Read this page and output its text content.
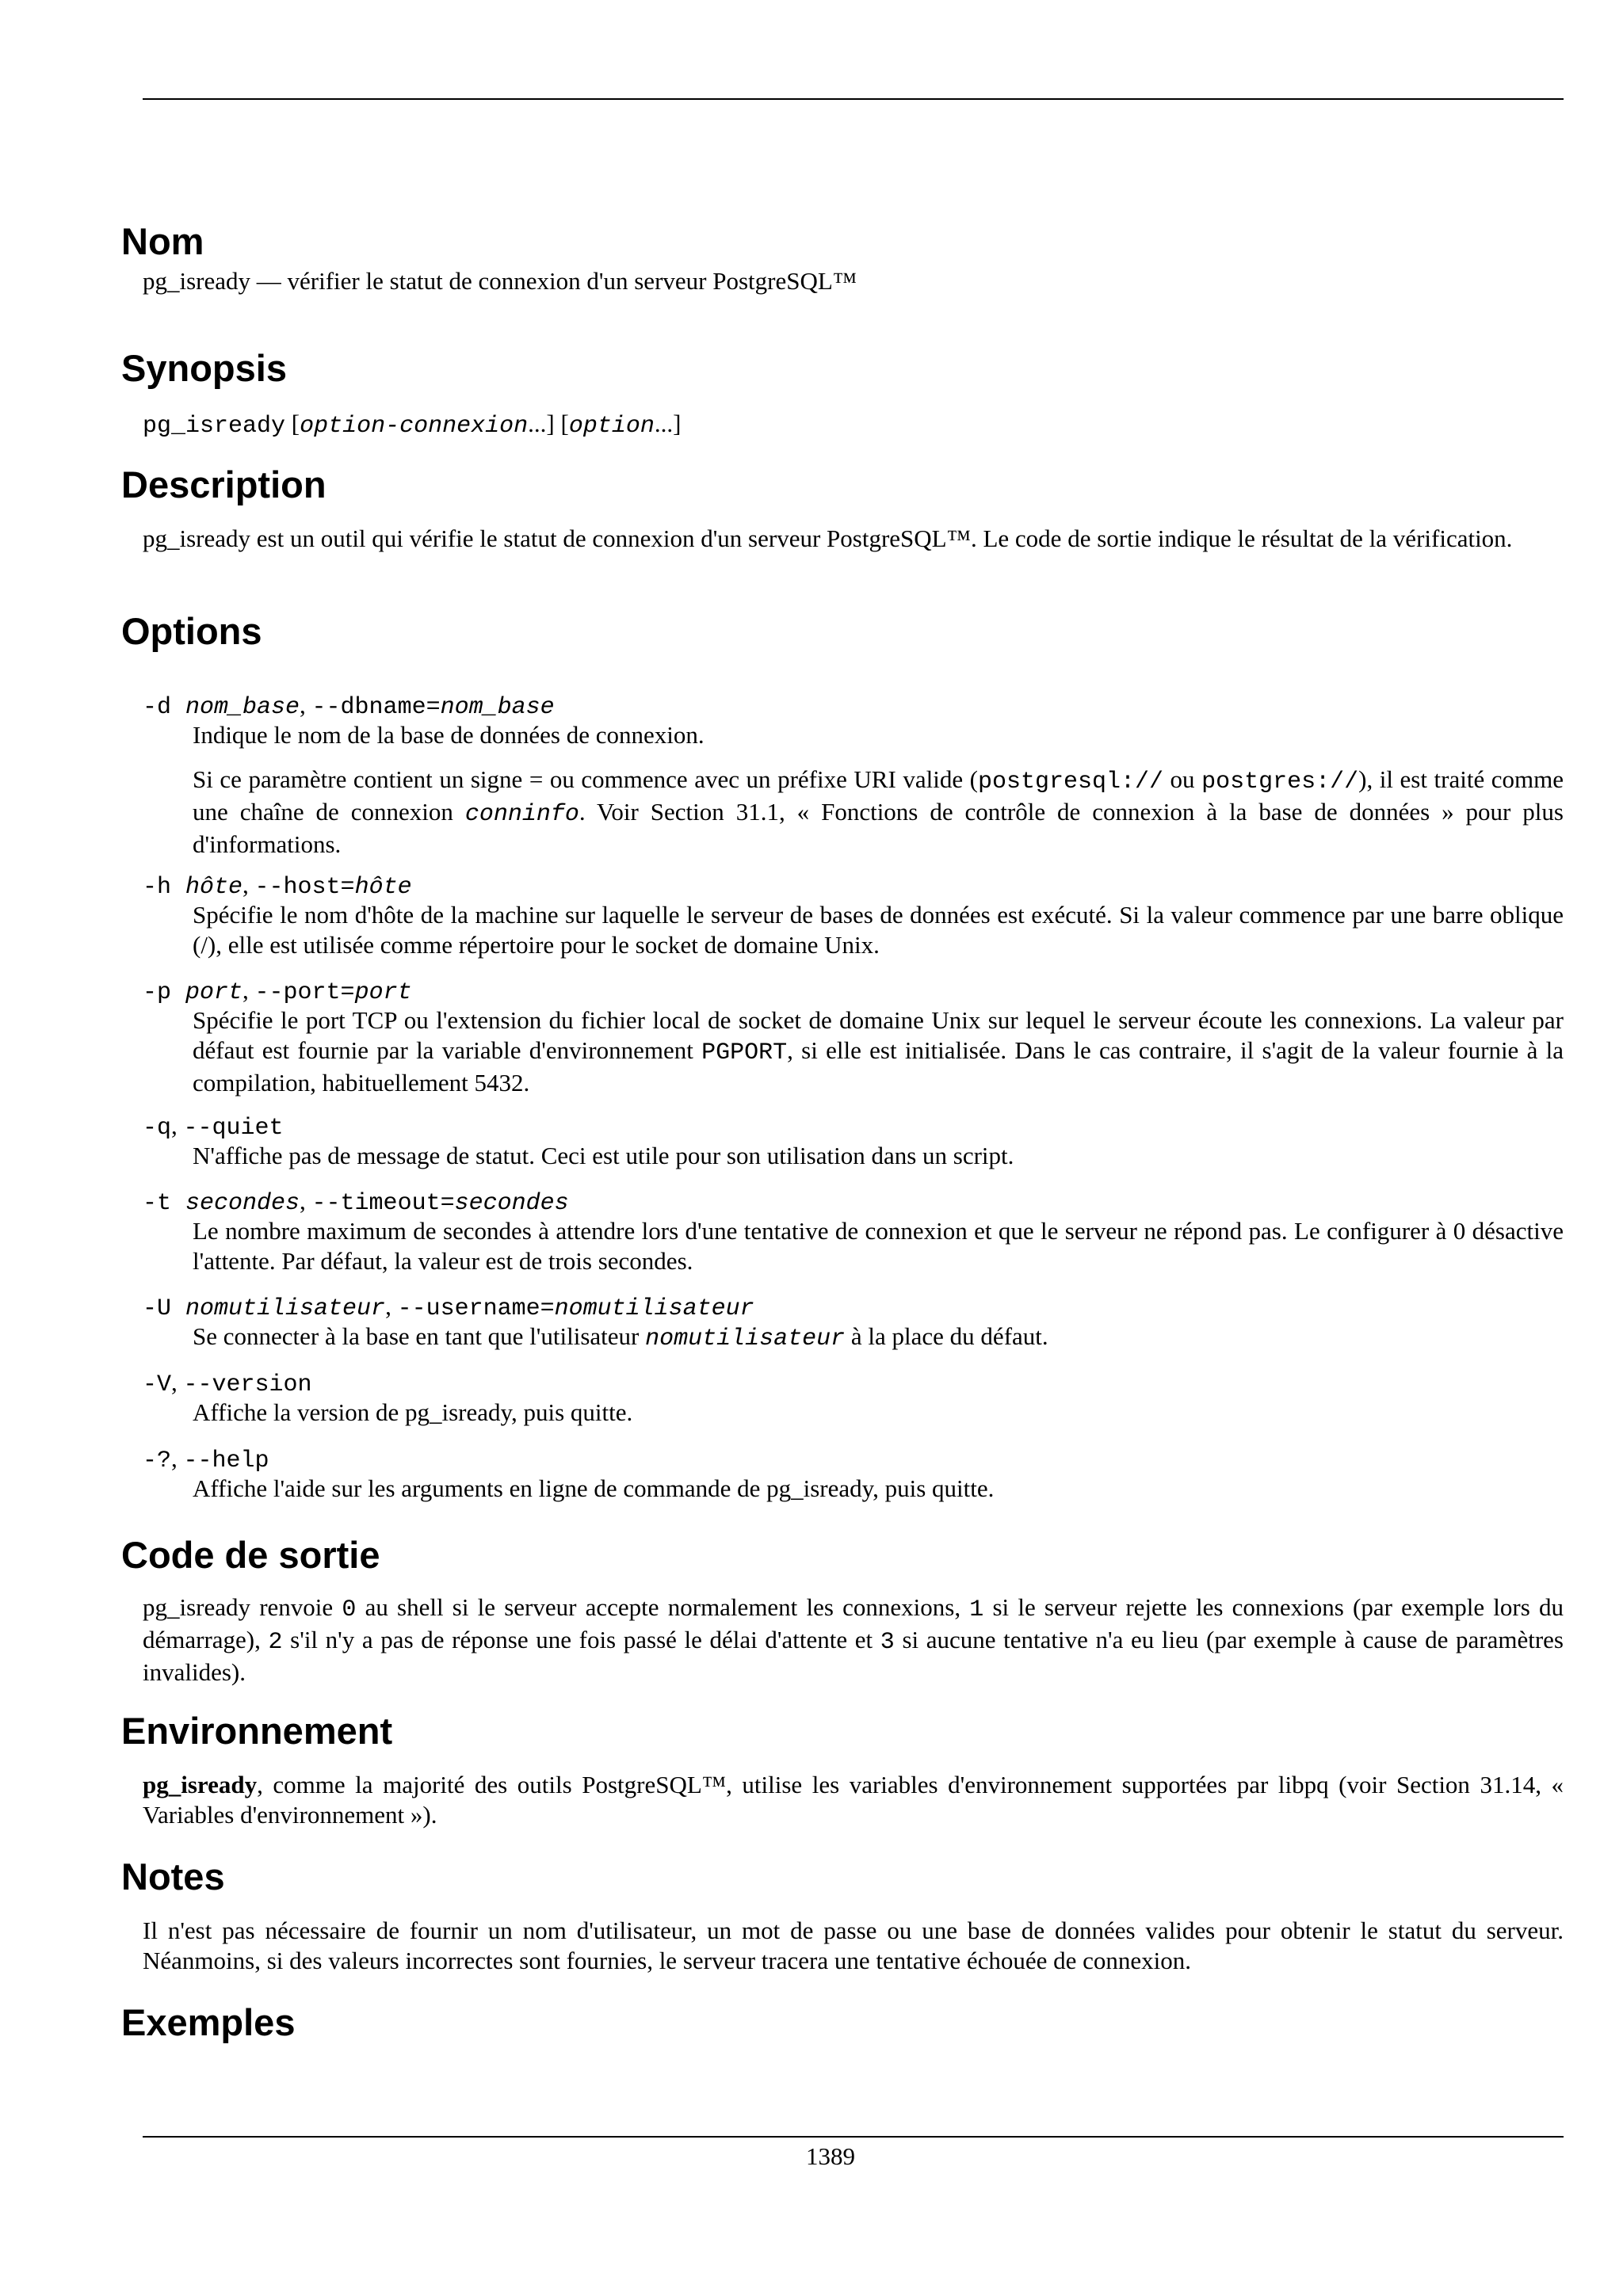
Nom
pg_isready — vérifier le statut de connexion d'un serveur PostgreSQL™
Synopsis
pg_isready [option-connexion...] [option...]
Description
pg_isready est un outil qui vérifie le statut de connexion d'un serveur PostgreSQL™. Le code de sortie indique le résultat de la vérification.
Options
-d nom_base, --dbname=nom_base
Indique le nom de la base de données de connexion.
Si ce paramètre contient un signe = ou commence avec un préfixe URI valide (postgresql:// ou postgres://), il est traité comme une chaîne de connexion conninfo. Voir Section 31.1, « Fonctions de contrôle de connexion à la base de données » pour plus d'informations.
-h hôte, --host=hôte
Spécifie le nom d'hôte de la machine sur laquelle le serveur de bases de données est exécuté. Si la valeur commence par une barre oblique (/), elle est utilisée comme répertoire pour le socket de domaine Unix.
-p port, --port=port
Spécifie le port TCP ou l'extension du fichier local de socket de domaine Unix sur lequel le serveur écoute les connexions. La valeur par défaut est fournie par la variable d'environnement PGPORT, si elle est initialisée. Dans le cas contraire, il s'agit de la valeur fournie à la compilation, habituellement 5432.
-q, --quiet
N'affiche pas de message de statut. Ceci est utile pour son utilisation dans un script.
-t secondes, --timeout=secondes
Le nombre maximum de secondes à attendre lors d'une tentative de connexion et que le serveur ne répond pas. Le configurer à 0 désactive l'attente. Par défaut, la valeur est de trois secondes.
-U nomutilisateur, --username=nomutilisateur
Se connecter à la base en tant que l'utilisateur nomutilisateur à la place du défaut.
-V, --version
Affiche la version de pg_isready, puis quitte.
-?, --help
Affiche l'aide sur les arguments en ligne de commande de pg_isready, puis quitte.
Code de sortie
pg_isready renvoie 0 au shell si le serveur accepte normalement les connexions, 1 si le serveur rejette les connexions (par exemple lors du démarrage), 2 s'il n'y a pas de réponse une fois passé le délai d'attente et 3 si aucune tentative n'a eu lieu (par exemple à cause de paramètres invalides).
Environnement
pg_isready, comme la majorité des outils PostgreSQL™, utilise les variables d'environnement supportées par libpq (voir Section 31.14, « Variables d'environnement »).
Notes
Il n'est pas nécessaire de fournir un nom d'utilisateur, un mot de passe ou une base de données valides pour obtenir le statut du serveur. Néanmoins, si des valeurs incorrectes sont fournies, le serveur tracera une tentative échouée de connexion.
Exemples
1389
